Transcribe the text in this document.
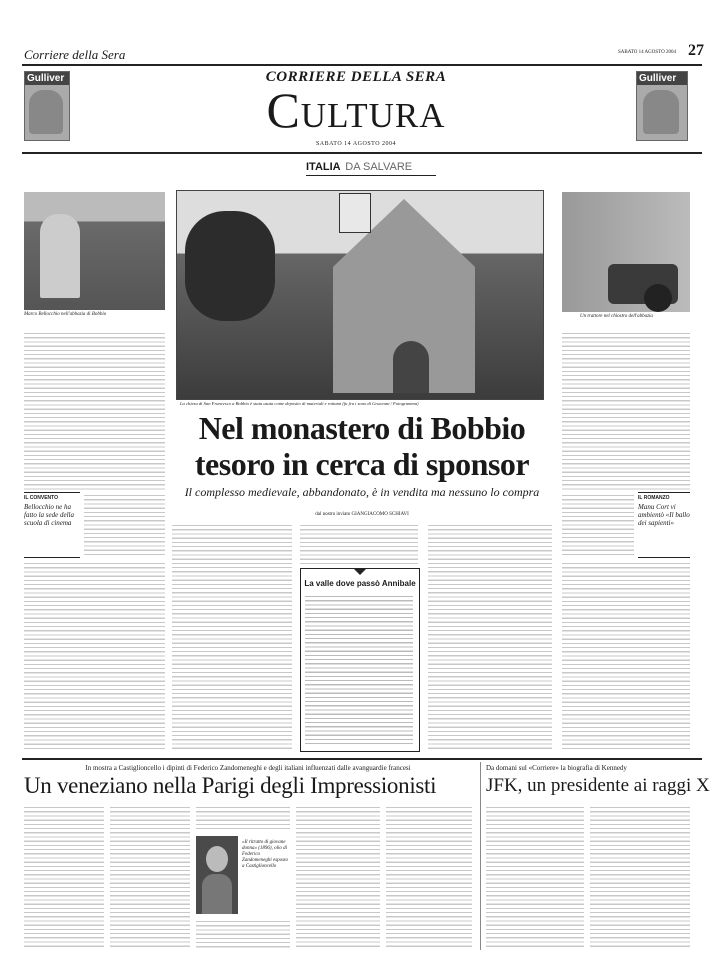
Corriere della Sera	SABATO 14 AGOSTO 2004 27
Gulliver	Gulliver
CORRIERE DELLA SERA
Cultura
SABATO 14 AGOSTO 2004
Marco Bellocchio nell'abbazia di Bobbio
ITALIA DA SALVARE
La chiesa di San Francesco a Bobbio è stata usata come deposito di materiali e rottami (fu fra i sono di Graceani / Fotogramma)
Un trattore nel chiostro dell'abbazia
Nel monastero di Bobbio
tesoro in cerca di sponsor
Il complesso medievale, abbandonato, è in vendita ma nessuno lo compra
dal nostro inviato GIANGIACOMO SCHIAVI
IL CONVENTO
Bellocchio ne ha fatto la sede della scuola di cinema
La valle dove passò Annibale
IL ROMANZO
Manu Cort vi ambientò «Il ballo dei sapienti»
In mostra a Castiglioncello i dipinti di Federico Zandomeneghi e degli italiani influenzati dalle avanguardie francesi
Un veneziano nella Parigi degli Impressionisti
«Il ritratto di giovane donna» (1896), olio di Federico Zandomeneghi esposto a Castiglioncello
Da domani sul «Corriere» la biografia di Kennedy
JFK, un presidente ai raggi X
